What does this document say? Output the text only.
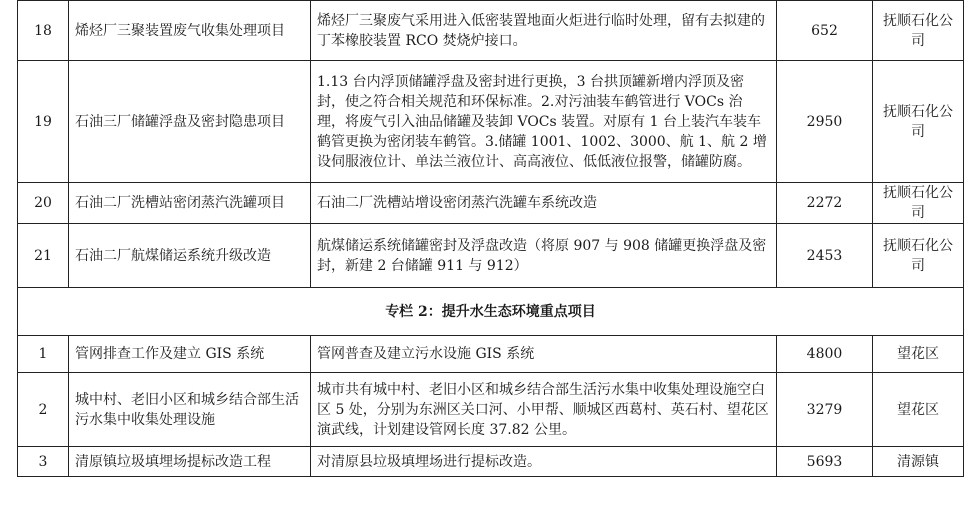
18	烯烃厂三聚装置废气收集处理项目	烯烃厂三聚废气采用进入低密装置地面火炬进行临时处理，留有去拟建的丁苯橡胶装置 RCO 焚烧炉接口。	652	抚顺石化公司
19	石油三厂储罐浮盘及密封隐患项目	1.13 台内浮顶储罐浮盘及密封进行更换，3 台拱顶罐新增内浮顶及密封，使之符合相关规范和环保标准。2.对污油装车鹤管进行 VOCs 治理，将废气引入油品储罐及装卸 VOCs 装置。对原有 1 台上装汽车装车鹤管更换为密闭装车鹤管。3.储罐 1001、1002、3000、航 1、航 2 增设伺服液位计、单法兰液位计、高高液位、低低液位报警，储罐防腐。	2950	抚顺石化公司
20	石油二厂洗槽站密闭蒸汽洗罐项目	石油二厂洗槽站增设密闭蒸汽洗罐车系统改造	2272	抚顺石化公司
21	石油二厂航煤储运系统升级改造	航煤储运系统储罐密封及浮盘改造（将原 907 与 908 储罐更换浮盘及密封，新建 2 台储罐 911 与 912）	2453	抚顺石化公司
专栏 2：提升水生态环境重点项目				
1	管网排查工作及建立 GIS 系统	管网普查及建立污水设施 GIS 系统	4800	望花区
2	城中村、老旧小区和城乡结合部生活污水集中收集处理设施	城市共有城中村、老旧小区和城乡结合部生活污水集中收集处理设施空白区 5 处，分别为东洲区关口河、小甲帮、顺城区西葛村、英石村、望花区演武线，计划建设管网长度 37.82 公里。	3279	望花区
3	清原镇垃圾填埋场提标改造工程	对清原县垃圾填埋场进行提标改造。	5693	清源镇
